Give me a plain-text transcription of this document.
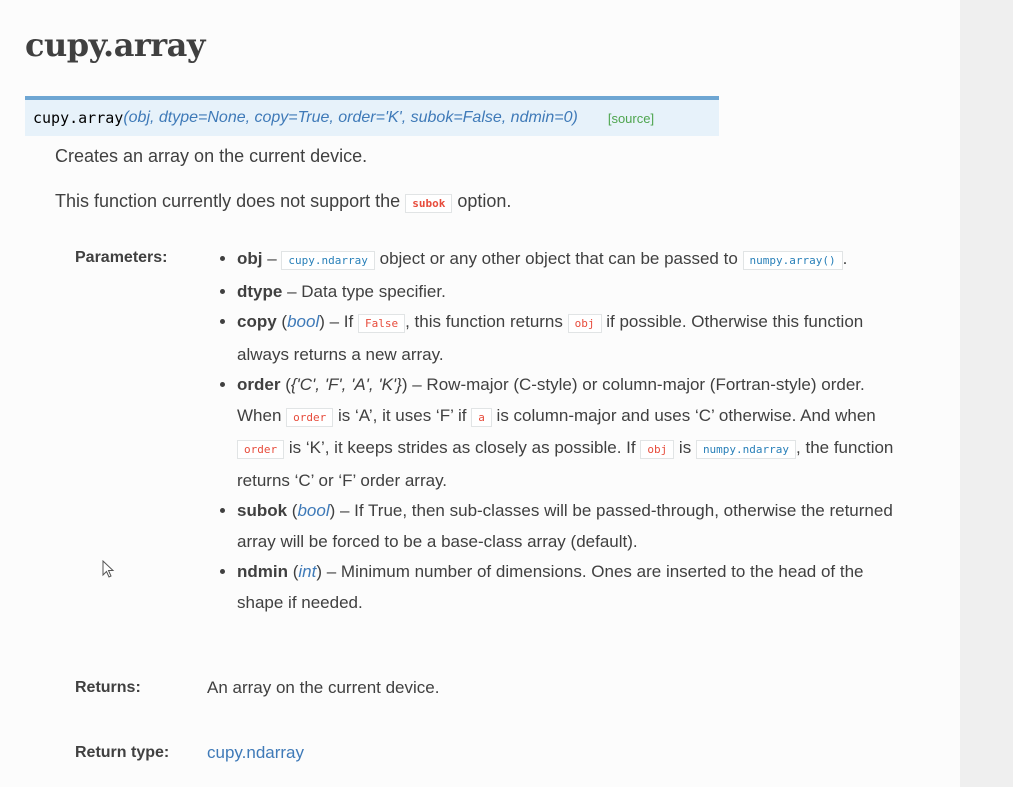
cupy.array
cupy.array (obj, dtype=None, copy=True, order='K', subok=False, ndmin=0) [source]
Creates an array on the current device.
This function currently does not support the subok option.
Parameters:	• obj – cupy.ndarray object or any other object that can be passed to numpy.array() .
• dtype – Data type specifier.
• copy (bool) – If False , this function returns obj if possible. Otherwise this function always returns a new array.
• order ({'C', 'F', 'A', 'K'}) – Row-major (C-style) or column-major (Fortran-style) order. When order is ‘A’, it uses ‘F’ if a is column-major and uses ‘C’ otherwise. And when order is ‘K’, it keeps strides as closely as possible. If obj is numpy.ndarray , the function returns ‘C’ or ‘F’ order array.
• subok (bool) – If True, then sub-classes will be passed-through, otherwise the returned array will be forced to be a base-class array (default).
• ndmin (int) – Minimum number of dimensions. Ones are inserted to the head of the shape if needed.
Returns:	An array on the current device.
Return type: cupy.ndarray
